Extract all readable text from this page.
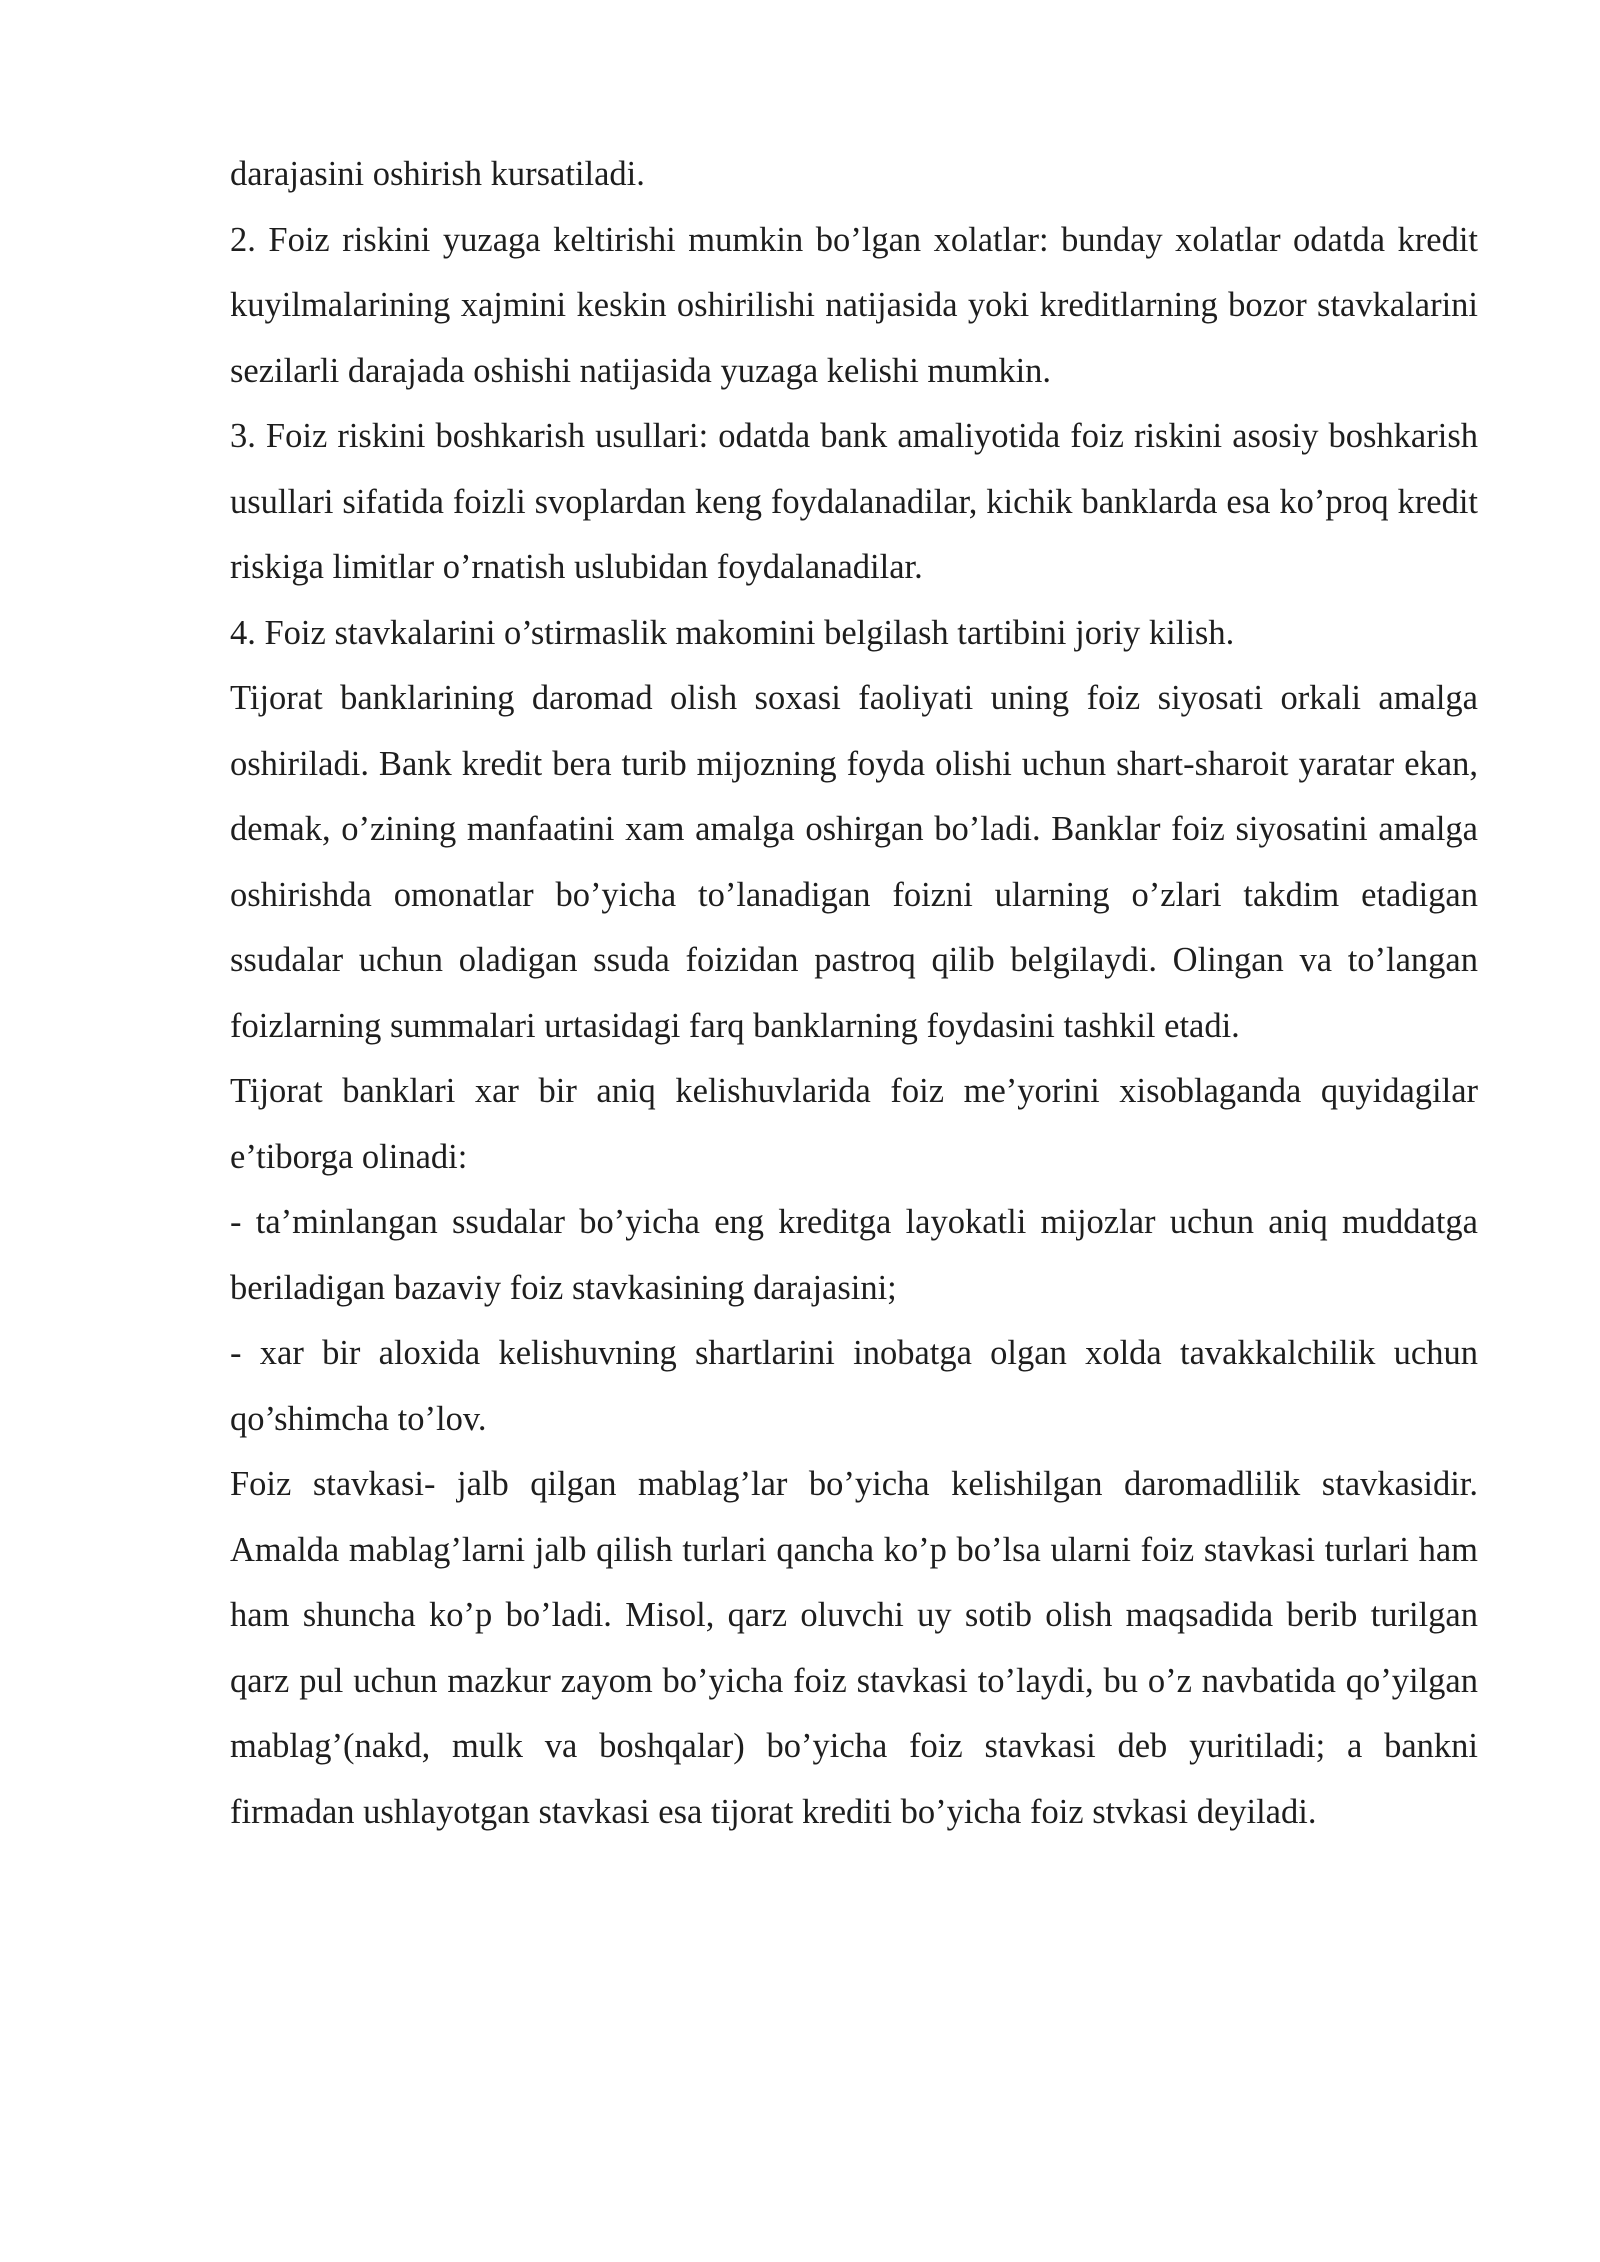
darajasini oshirish kursatiladi.

2. Foiz riskini yuzaga keltirishi mumkin bo’lgan xolatlar: bunday xolatlar odatda kredit kuyilmalarining xajmini keskin oshirilishi natijasida yoki kreditlarning bozor stavkalarini sezilarli darajada oshishi natijasida yuzaga kelishi mumkin.

3. Foiz riskini boshkarish usullari: odatda bank amaliyotida foiz riskini asosiy boshkarish usullari sifatida foizli svoplardan keng foydalanadilar, kichik banklarda esa ko’proq kredit riskiga limitlar o’rnatish uslubidan foydalanadilar.

4. Foiz stavkalarini o’stirmaslik makomini belgilash tartibini joriy kilish.

Tijorat banklarining daromad olish soxasi faoliyati uning foiz siyosati orkali amalga oshiriladi. Bank kredit bera turib mijozning foyda olishi uchun shart-sharoit yaratar ekan, demak, o’zining manfaatini xam amalga oshirgan bo’ladi. Banklar foiz siyosatini amalga oshirishda omonatlar bo’yicha to’lanadigan foizni ularning o’zlari takdim etadigan ssudalar uchun oladigan ssuda foizidan pastroq qilib belgilaydi. Olingan va to’langan foizlarning summalari urtasidagi farq banklarning foydasini tashkil etadi.

Tijorat banklari xar bir aniq kelishuvlarida foiz me’yorini xisoblaganda quyidagilar e’tiborga olinadi:

- ta’minlangan ssudalar bo’yicha eng kreditga layokatli mijozlar uchun aniq muddatga beriladigan bazaviy foiz stavkasining darajasini;

- xar bir aloxida kelishuvning shartlarini inobatga olgan xolda tavakkalchilik uchun qo’shimcha to’lov.

Foiz stavkasi- jalb qilgan mablag’lar bo’yicha kelishilgan daromadlilik stavkasidir. Amalda mablag’larni jalb qilish turlari qancha ko’p bo’lsa ularni foiz stavkasi turlari ham ham shuncha ko’p bo’ladi. Misol, qarz oluvchi uy sotib olish maqsadida berib turilgan qarz pul uchun mazkur zayom bo’yicha foiz stavkasi to’laydi, bu o’z navbatida qo’yilgan mablag’(nakd, mulk va boshqalar) bo’yicha foiz stavkasi deb yuritiladi; a bankni firmadan ushlayotgan stavkasi esa tijorat krediti bo’yicha foiz stvkasi deyiladi.
